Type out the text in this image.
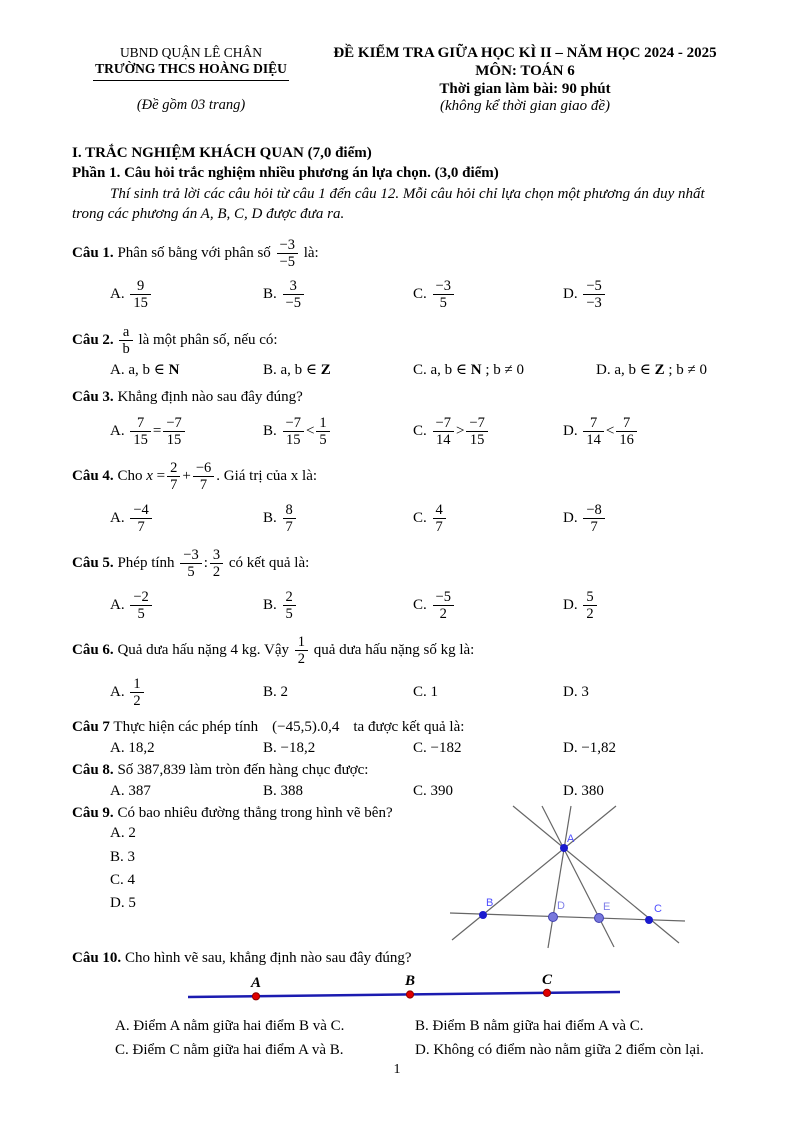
UBND QUẬN LÊ CHÂN
TRƯỜNG THCS HOÀNG DIỆU
(Đề gồm 03 trang)
ĐỀ KIỂM TRA GIỮA HỌC KÌ II – NĂM HỌC 2024 - 2025
MÔN: TOÁN 6
Thời gian làm bài: 90 phút
(không kể thời gian giao đề)
I. TRẮC NGHIỆM KHÁCH QUAN (7,0 điểm)
Phần 1. Câu hỏi trắc nghiệm nhiều phương án lựa chọn. (3,0 điểm)

Thí sinh trả lời các câu hỏi từ câu 1 đến câu 12. Mỗi câu hỏi chỉ lựa chọn một phương án duy nhất trong các phương án A, B, C, D được đưa ra.

Câu 1. Phân số bằng với phân số $\frac{-3}{-5}$ là:
A. $\frac{9}{15}$	B. $\frac{3}{-5}$	C. $\frac{-3}{5}$	D. $\frac{-5}{-3}$
Câu 2. $\frac{a}{b}$ là một phân số, nếu có:
A. a, b ∈ N	B. a, b ∈ Z	C. a, b ∈ N ; b ≠ 0	D. a, b ∈ Z ; b ≠ 0
Câu 3. Khẳng định nào sau đây đúng?
A. $\frac{7}{15} = \frac{-7}{15}$	B. $\frac{-7}{15} < \frac{1}{5}$	C. $\frac{-7}{14} > \frac{-7}{15}$	D. $\frac{7}{14} < \frac{7}{16}$
Câu 4. Cho $x = \frac{2}{7} + \frac{-6}{7}$ . Giá trị của x là:
A. $\frac{-4}{7}$	B. $\frac{8}{7}$	C. $\frac{4}{7}$	D. $\frac{-8}{7}$
Câu 5. Phép tính $\frac{-3}{5}$ : $\frac{3}{2}$ có kết quả là:
A. $\frac{-2}{5}$	B. $\frac{2}{5}$	C. $\frac{-5}{2}$	D. $\frac{5}{2}$
Câu 6. Quả dưa hấu nặng 4 kg. Vậy $\frac{1}{2}$ quả dưa hấu nặng số kg là:
A. $\frac{1}{2}$	B. 2	C. 1	D. 3
Câu 7 Thực hiện các phép tính (−45,5).0,4 ta được kết quả là:
A. 18,2	B. −18,2	C. −182	D. −1,82
Câu 8. Số 387,839 làm tròn đến hàng chục được:
A. 387	B. 388	C. 390	D. 380
Câu 9. Có bao nhiêu đường thẳng trong hình vẽ bên?
A. 2
B. 3
C. 4
D. 5
A
B	D	E	C
Câu 10. Cho hình vẽ sau, khẳng định nào sau đây đúng?
A	B	C
A. Điểm A nằm giữa hai điểm B và C.	B. Điểm B nằm giữa hai điểm A và C.
C. Điểm C nằm giữa hai điểm A và B.	D. Không có điểm nào nằm giữa 2 điểm còn lại.
1
